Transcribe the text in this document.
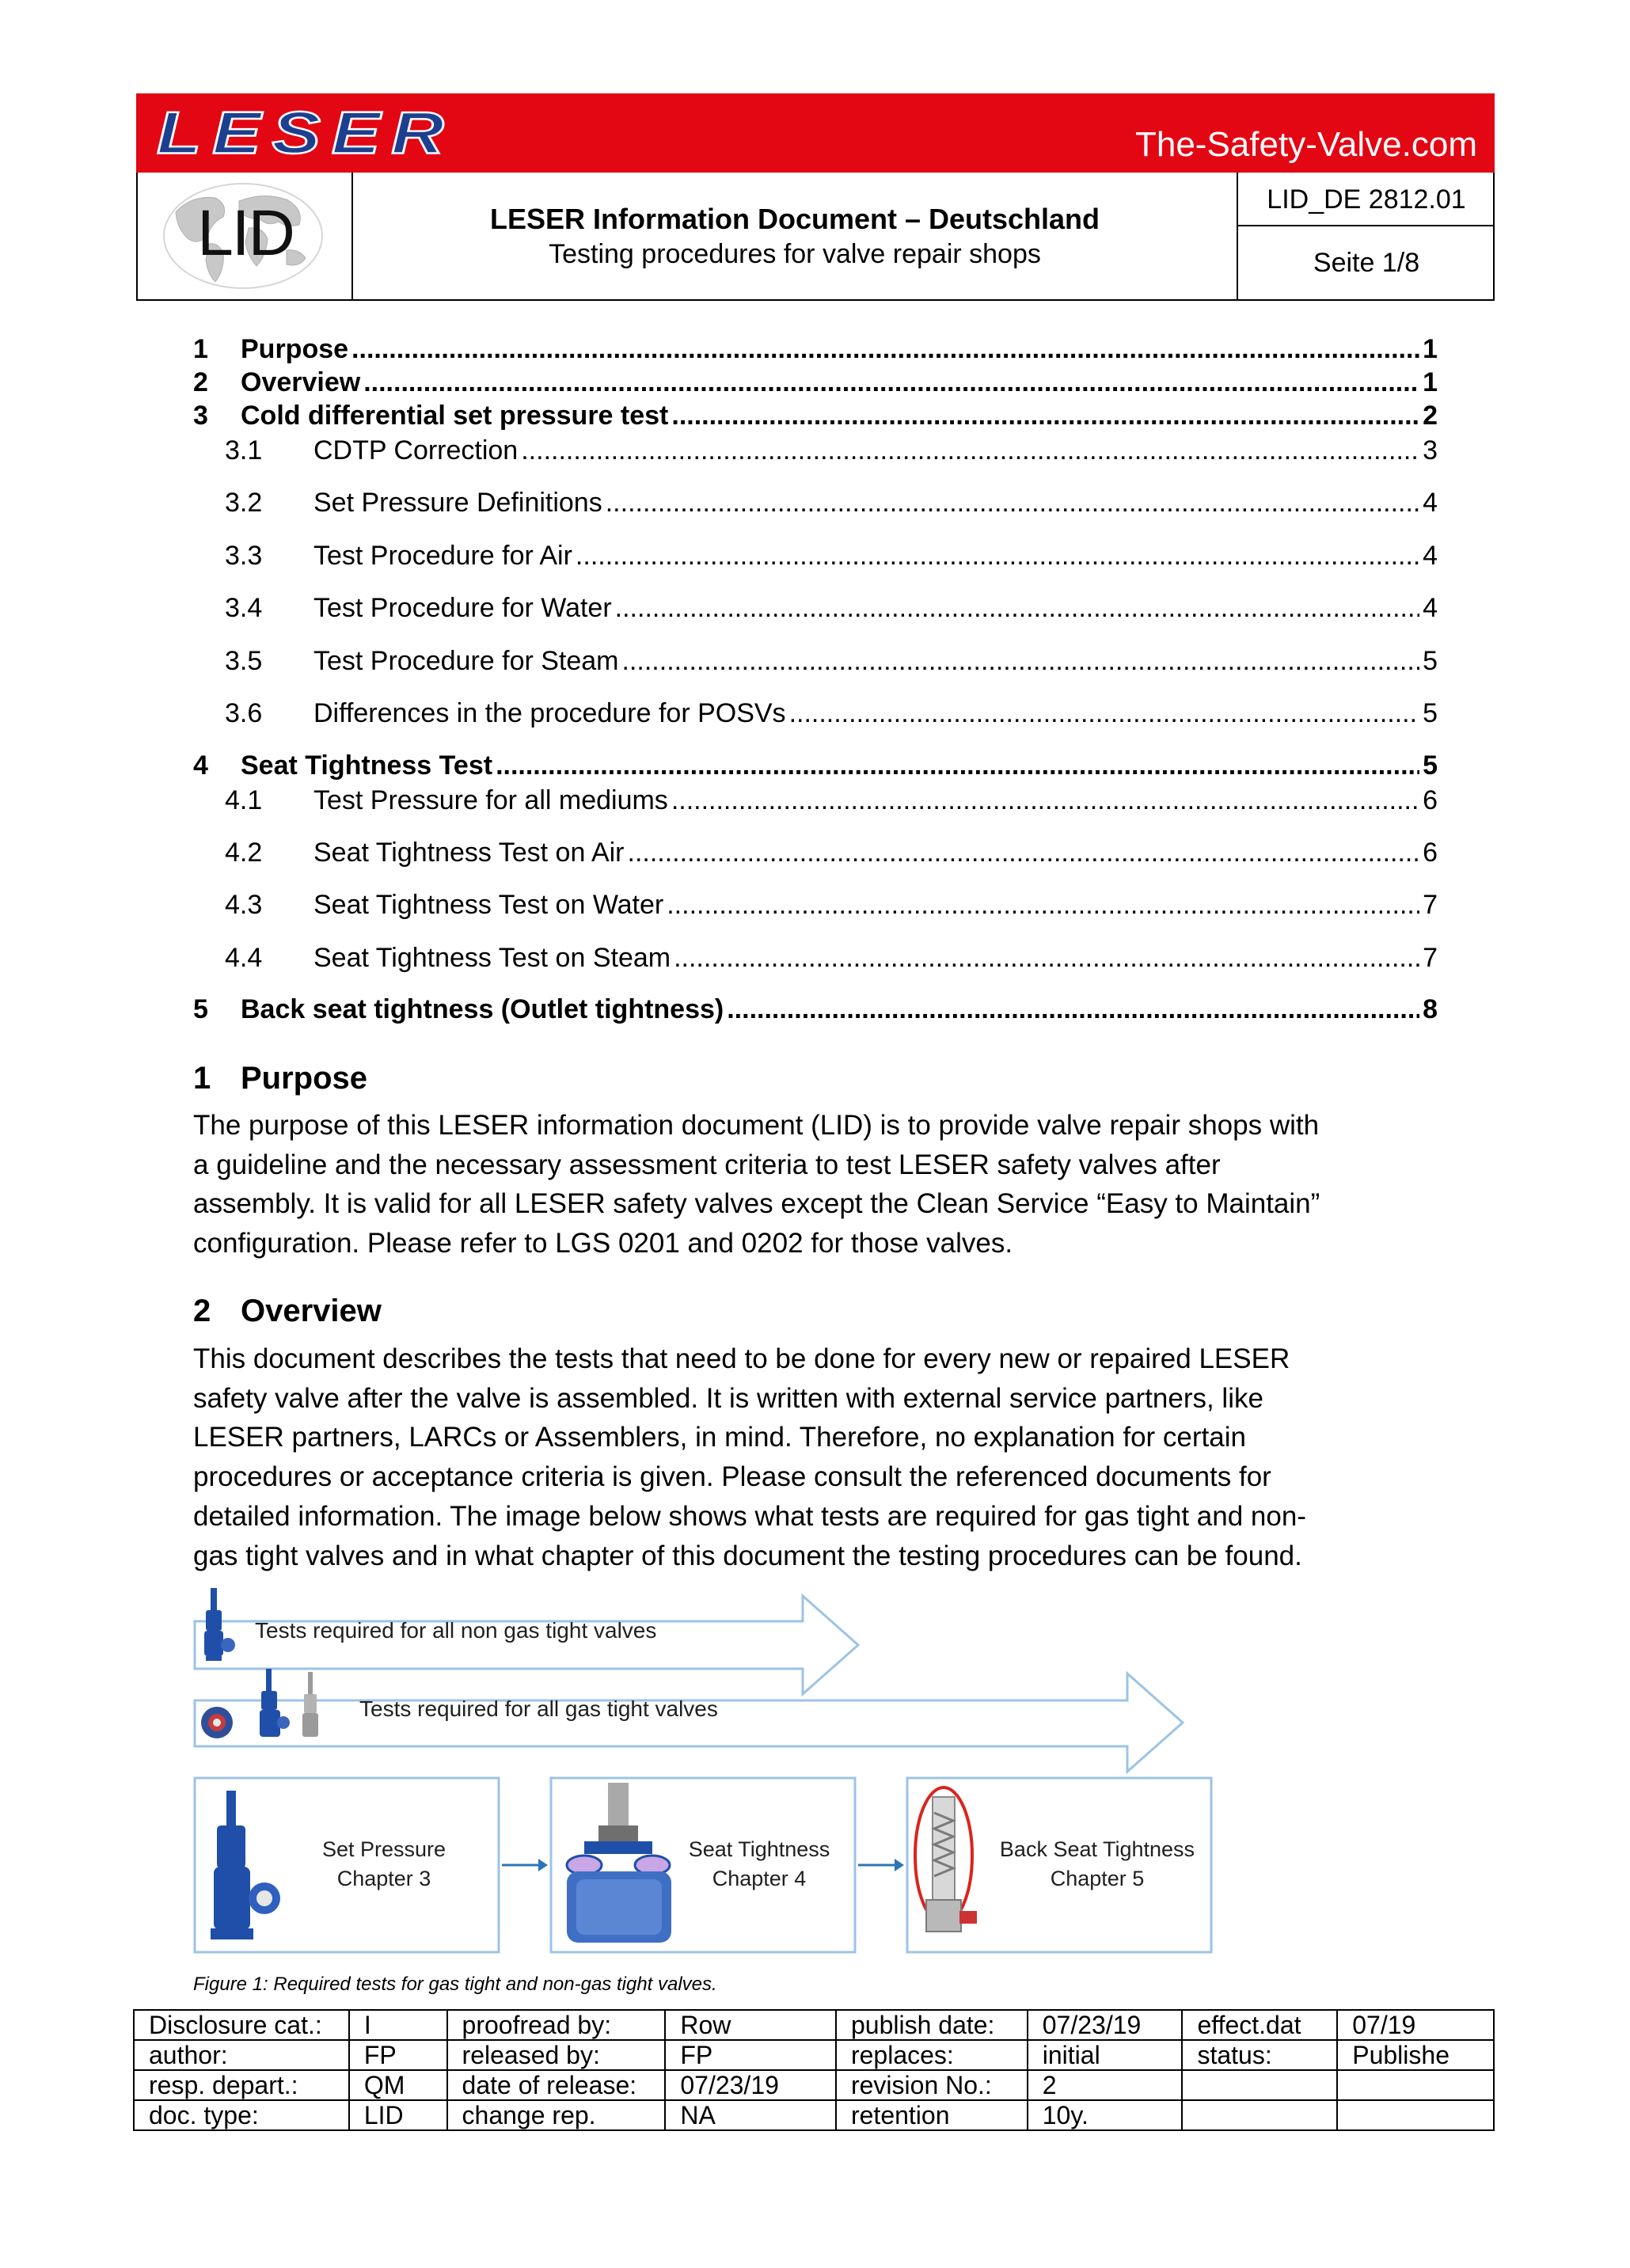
LESER	The-Safety-Valve.com
LID	LESER Information Document – Deutschland
Testing procedures for valve repair shops
LID_DE 2812.01
Seite 1/8
1	Purpose .....	1
2	Overview .....	1
3	Cold differential set pressure test .....	2
3.1	CDTP Correction .....	3
3.2	Set Pressure Definitions .....	4
3.3	Test Procedure for Air .....	4
3.4	Test Procedure for Water .....	4
3.5	Test Procedure for Steam .....	5
3.6	Differences in the procedure for POSVs .....	5
4	Seat Tightness Test .....	5
4.1	Test Pressure for all mediums .....	6
4.2	Seat Tightness Test on Air .....	6
4.3	Seat Tightness Test on Water .....	7
4.4	Seat Tightness Test on Steam .....	7
5	Back seat tightness (Outlet tightness) .....	8
1 Purpose
The purpose of this LESER information document (LID) is to provide valve repair shops with
a guideline and the necessary assessment criteria to test LESER safety valves after
assembly. It is valid for all LESER safety valves except the Clean Service “Easy to Maintain”
configuration. Please refer to LGS 0201 and 0202 for those valves.
2 Overview
This document describes the tests that need to be done for every new or repaired LESER
safety valve after the valve is assembled. It is written with external service partners, like
LESER partners, LARCs or Assemblers, in mind. Therefore, no explanation for certain
procedures or acceptance criteria is given. Please consult the referenced documents for
detailed information. The image below shows what tests are required for gas tight and non-
gas tight valves and in what chapter of this document the testing procedures can be found.
Tests required for all non gas tight valves
Tests required for all gas tight valves
Set Pressure
Chapter 3
Seat Tightness
Chapter 4
Back Seat Tightness
Chapter 5
Figure 1: Required tests for gas tight and non-gas tight valves.
Disclosure cat.:	I	proofread by:	Row	publish date:	07/23/19	effect.dat	07/19
author:	FP	released by:	FP	replaces:	initial	status:	Publishe
resp. depart.:	QM	date of release:	07/23/19	revision No.:	2		
doc. type:	LID	change rep.	NA	retention	10y.		
